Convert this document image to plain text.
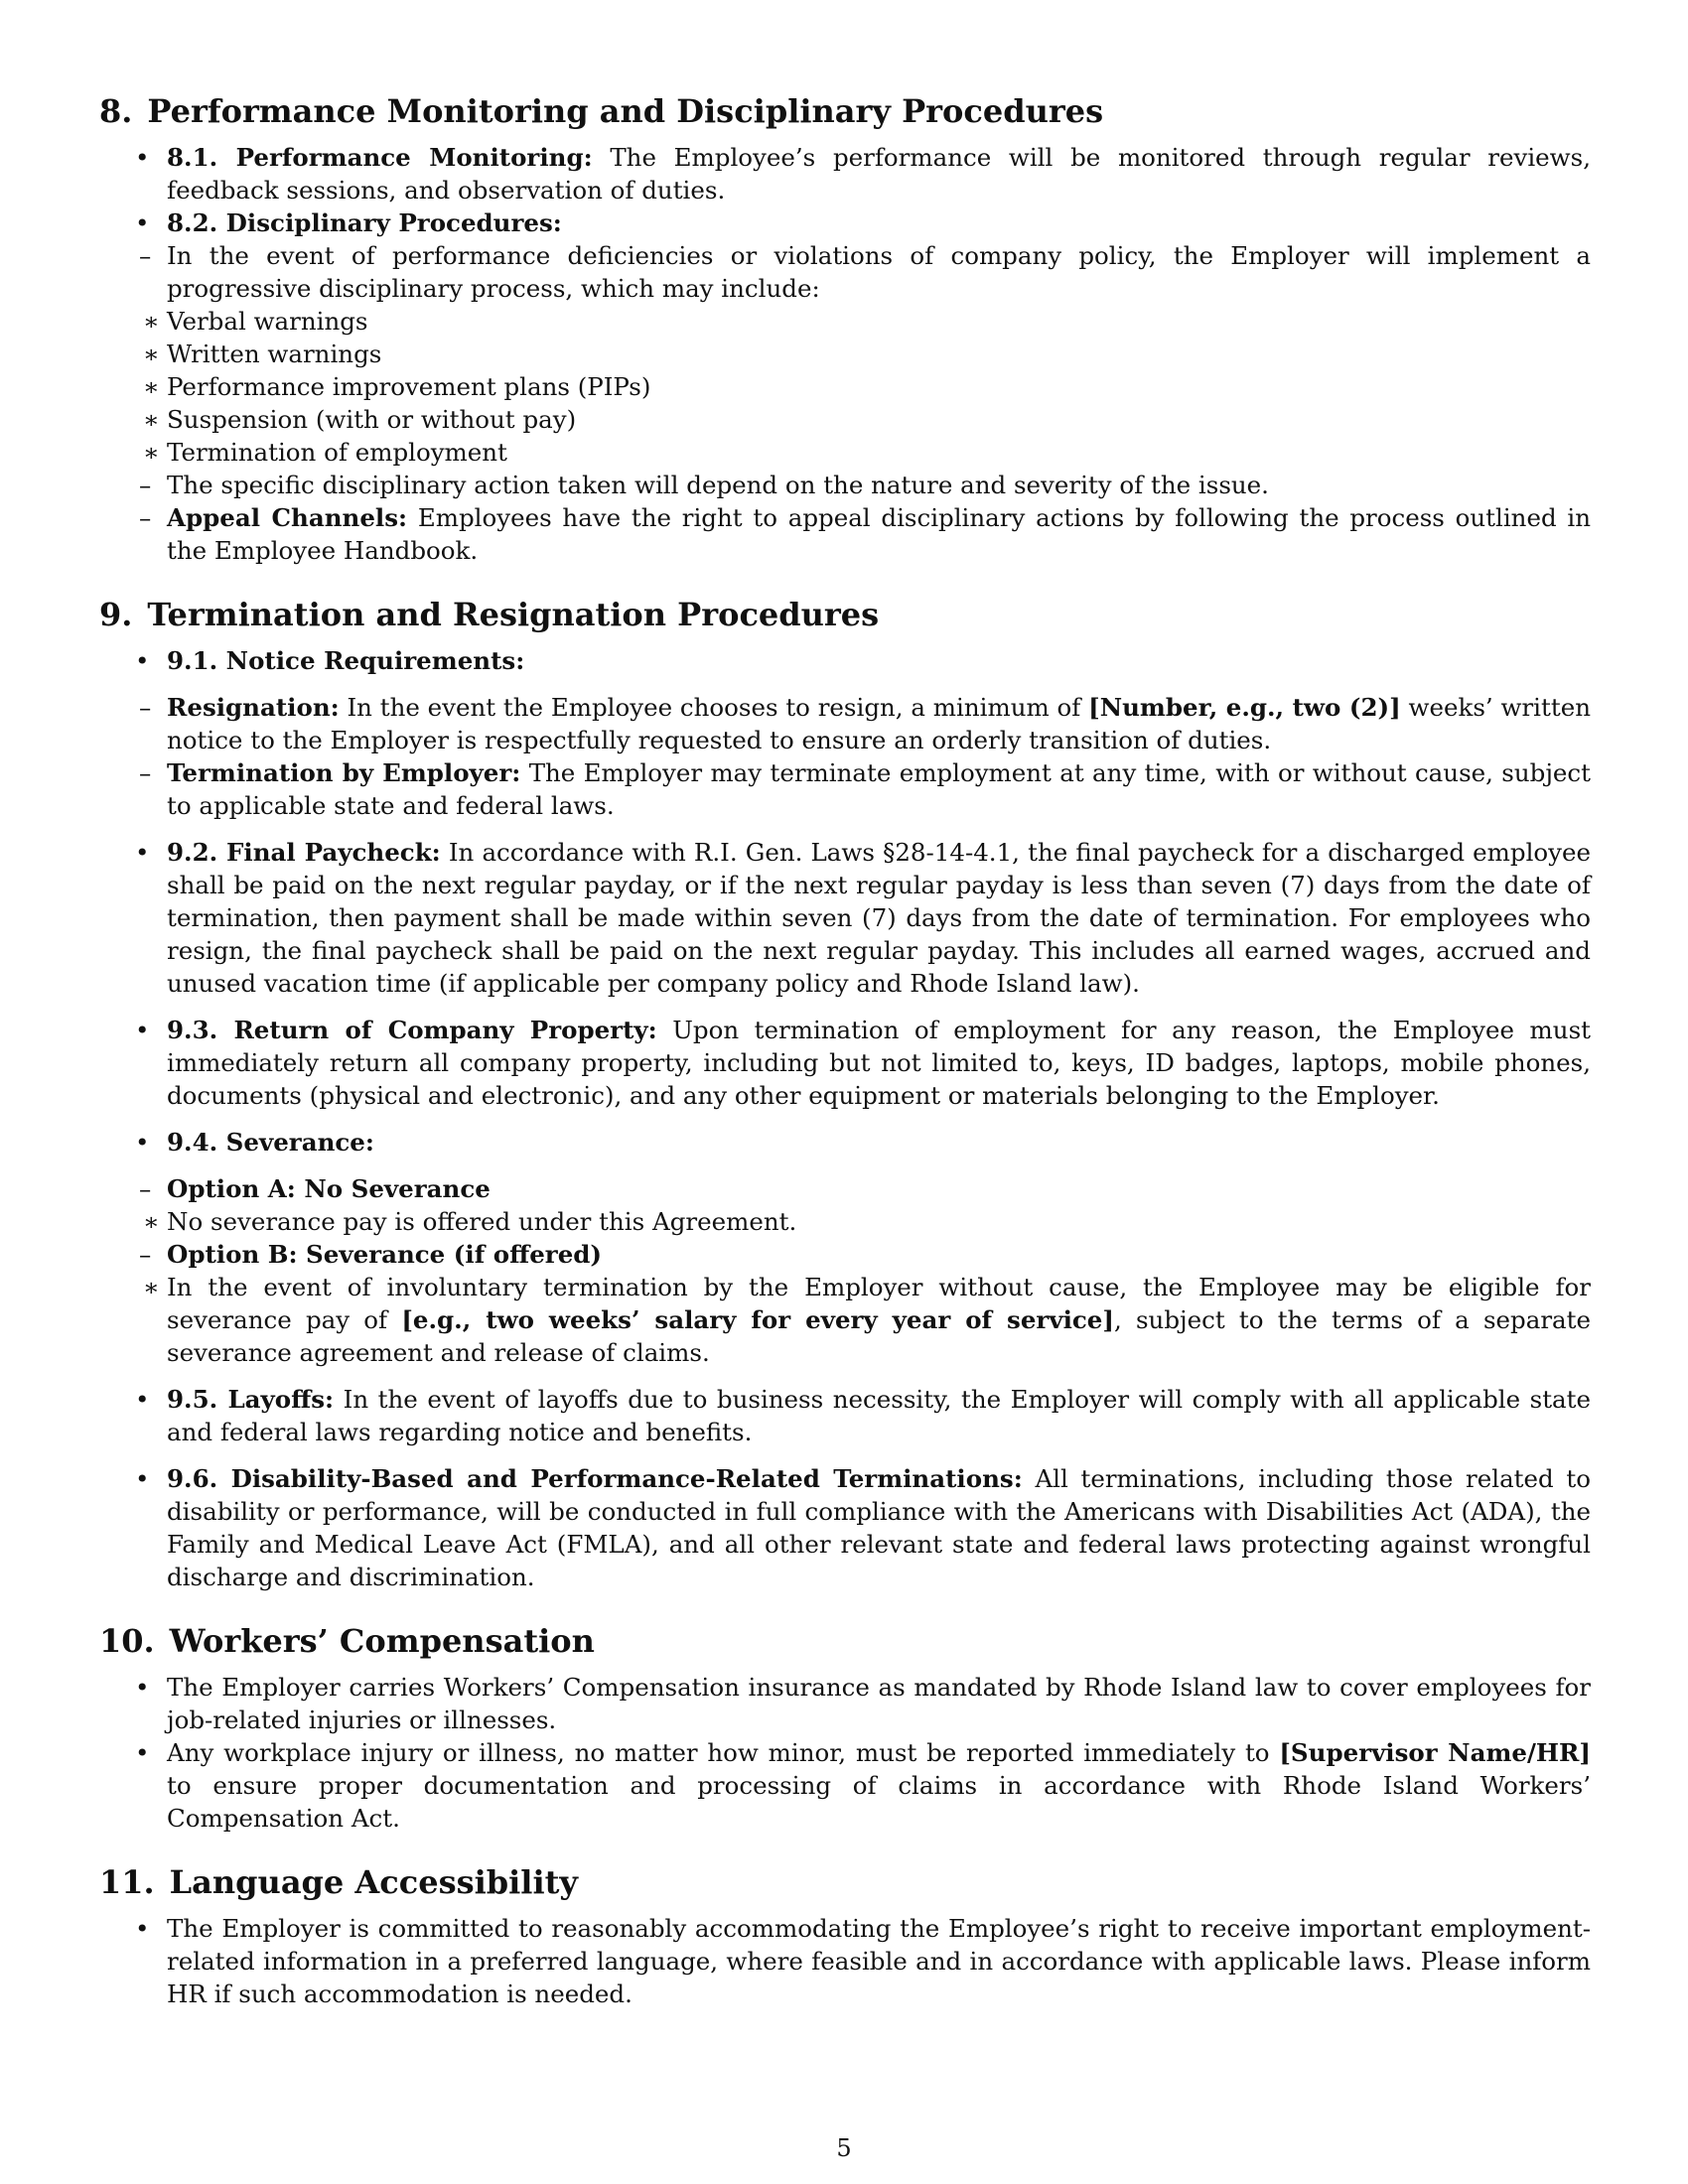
8. Performance Monitoring and Disciplinary Procedures
• 8.1. Performance Monitoring: The Employee’s performance will be monitored through regular reviews, feedback sessions, and observation of duties.
• 8.2. Disciplinary Procedures:
– In the event of performance deficiencies or violations of company policy, the Employer will implement a progressive disciplinary process, which may include:
∗ Verbal warnings
∗ Written warnings
∗ Performance improvement plans (PIPs)
∗ Suspension (with or without pay)
∗ Termination of employment
– The specific disciplinary action taken will depend on the nature and severity of the issue.
– Appeal Channels: Employees have the right to appeal disciplinary actions by following the process outlined in the Employee Handbook.
9. Termination and Resignation Procedures
• 9.1. Notice Requirements:
– Resignation: In the event the Employee chooses to resign, a minimum of [Number, e.g., two (2)] weeks’ written notice to the Employer is respectfully requested to ensure an orderly transition of duties.
– Termination by Employer: The Employer may terminate employment at any time, with or without cause, subject to applicable state and federal laws.
• 9.2. Final Paycheck: In accordance with R.I. Gen. Laws §28-14-4.1, the final paycheck for a discharged employee shall be paid on the next regular payday, or if the next regular payday is less than seven (7) days from the date of termination, then payment shall be made within seven (7) days from the date of termination. For employees who resign, the final paycheck shall be paid on the next regular payday. This includes all earned wages, accrued and unused vacation time (if applicable per company policy and Rhode Island law).
• 9.3. Return of Company Property: Upon termination of employment for any reason, the Employee must immediately return all company property, including but not limited to, keys, ID badges, laptops, mobile phones, documents (physical and electronic), and any other equipment or materials belonging to the Employer.
• 9.4. Severance:
– Option A: No Severance
∗ No severance pay is offered under this Agreement.
– Option B: Severance (if offered)
∗ In the event of involuntary termination by the Employer without cause, the Employee may be eligible for severance pay of [e.g., two weeks’ salary for every year of service], subject to the terms of a separate severance agreement and release of claims.
• 9.5. Layoffs: In the event of layoffs due to business necessity, the Employer will comply with all applicable state and federal laws regarding notice and benefits.
• 9.6. Disability-Based and Performance-Related Terminations: All terminations, including those related to disability or performance, will be conducted in full compliance with the Americans with Disabilities Act (ADA), the Family and Medical Leave Act (FMLA), and all other relevant state and federal laws protecting against wrongful discharge and discrimination.
10. Workers’ Compensation
• The Employer carries Workers’ Compensation insurance as mandated by Rhode Island law to cover employees for job-related injuries or illnesses.
• Any workplace injury or illness, no matter how minor, must be reported immediately to [Supervisor Name/HR] to ensure proper documentation and processing of claims in accordance with Rhode Island Workers’ Compensation Act.
11. Language Accessibility
• The Employer is committed to reasonably accommodating the Employee’s right to receive important employment-related information in a preferred language, where feasible and in accordance with applicable laws. Please inform HR if such accommodation is needed.
5
